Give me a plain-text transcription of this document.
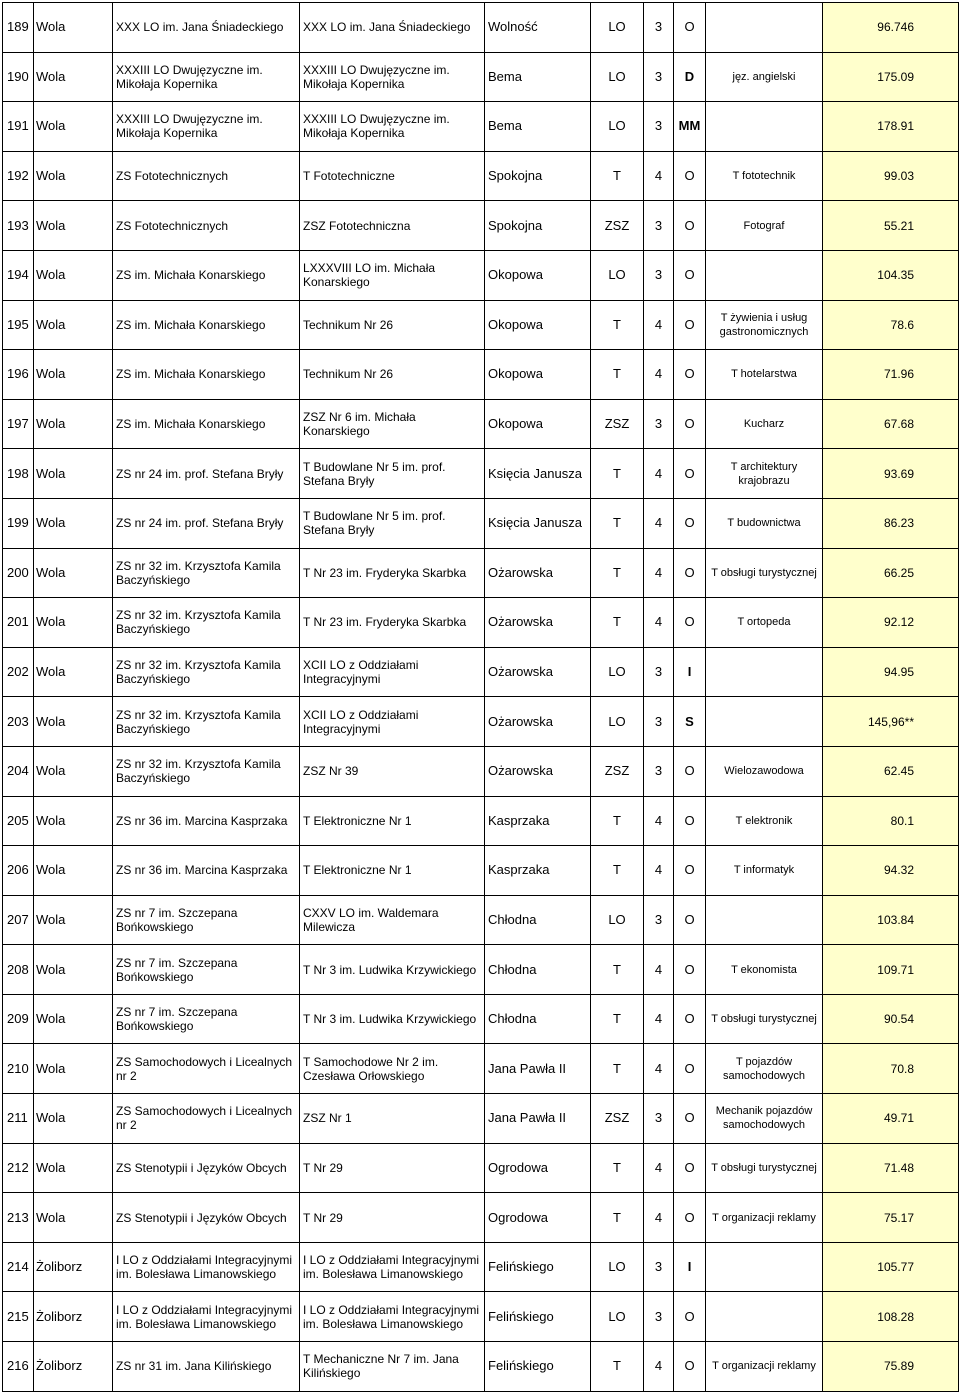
189	Wola	XXX LO im. Jana Śniadeckiego	XXX LO im. Jana Śniadeckiego	Wolność	LO	3	O		96.746
190	Wola	XXXIII LO Dwujęzyczne im. Mikołaja Kopernika	XXXIII LO Dwujęzyczne im. Mikołaja Kopernika	Bema	LO	3	D	jęz. angielski	175.09
191	Wola	XXXIII LO Dwujęzyczne im. Mikołaja Kopernika	XXXIII LO Dwujęzyczne im. Mikołaja Kopernika	Bema	LO	3	MM		178.91
192	Wola	ZS Fototechnicznych	T Fototechniczne	Spokojna	T	4	O	T fototechnik	99.03
193	Wola	ZS Fototechnicznych	ZSZ Fototechniczna	Spokojna	ZSZ	3	O	Fotograf	55.21
194	Wola	ZS im. Michała Konarskiego	LXXXVIII LO im. Michała Konarskiego	Okopowa	LO	3	O		104.35
195	Wola	ZS im. Michała Konarskiego	Technikum Nr 26	Okopowa	T	4	O	T żywienia i usług gastronomicznych	78.6
196	Wola	ZS im. Michała Konarskiego	Technikum Nr 26	Okopowa	T	4	O	T hotelarstwa	71.96
197	Wola	ZS im. Michała Konarskiego	ZSZ Nr 6 im. Michała Konarskiego	Okopowa	ZSZ	3	O	Kucharz	67.68
198	Wola	ZS nr 24 im. prof. Stefana Bryły	T Budowlane Nr 5 im. prof. Stefana Bryły	Księcia Janusza	T	4	O	T architektury krajobrazu	93.69
199	Wola	ZS nr 24 im. prof. Stefana Bryły	T Budowlane Nr 5 im. prof. Stefana Bryły	Księcia Janusza	T	4	O	T budownictwa	86.23
200	Wola	ZS nr 32 im. Krzysztofa Kamila Baczyńskiego	T Nr 23 im. Fryderyka Skarbka	Ożarowska	T	4	O	T obsługi turystycznej	66.25
201	Wola	ZS nr 32 im. Krzysztofa Kamila Baczyńskiego	T Nr 23 im. Fryderyka Skarbka	Ożarowska	T	4	O	T ortopeda	92.12
202	Wola	ZS nr 32 im. Krzysztofa Kamila Baczyńskiego	XCII LO z Oddziałami Integracyjnymi	Ożarowska	LO	3	I		94.95
203	Wola	ZS nr 32 im. Krzysztofa Kamila Baczyńskiego	XCII LO z Oddziałami Integracyjnymi	Ożarowska	LO	3	S		145,96**
204	Wola	ZS nr 32 im. Krzysztofa Kamila Baczyńskiego	ZSZ Nr 39	Ożarowska	ZSZ	3	O	Wielozawodowa	62.45
205	Wola	ZS nr 36 im. Marcina Kasprzaka	T Elektroniczne Nr 1	Kasprzaka	T	4	O	T elektronik	80.1
206	Wola	ZS nr 36 im. Marcina Kasprzaka	T Elektroniczne Nr 1	Kasprzaka	T	4	O	T informatyk	94.32
207	Wola	ZS nr 7 im. Szczepana Bońkowskiego	CXXV LO im. Waldemara Milewicza	Chłodna	LO	3	O		103.84
208	Wola	ZS nr 7 im. Szczepana Bońkowskiego	T Nr 3 im. Ludwika Krzywickiego	Chłodna	T	4	O	T ekonomista	109.71
209	Wola	ZS nr 7 im. Szczepana Bońkowskiego	T Nr 3 im. Ludwika Krzywickiego	Chłodna	T	4	O	T obsługi turystycznej	90.54
210	Wola	ZS Samochodowych i Licealnych nr 2	T Samochodowe Nr 2 im. Czesława Orłowskiego	Jana Pawła II	T	4	O	T pojazdów samochodowych	70.8
211	Wola	ZS Samochodowych i Licealnych nr 2	ZSZ Nr 1	Jana Pawła II	ZSZ	3	O	Mechanik pojazdów samochodowych	49.71
212	Wola	ZS Stenotypii i Języków Obcych	T Nr 29	Ogrodowa	T	4	O	T obsługi turystycznej	71.48
213	Wola	ZS Stenotypii i Języków Obcych	T Nr 29	Ogrodowa	T	4	O	T organizacji reklamy	75.17
214	Żoliborz	I LO z Oddziałami Integracyjnymi im. Bolesława Limanowskiego	I LO z Oddziałami Integracyjnymi im. Bolesława Limanowskiego	Felińskiego	LO	3	I		105.77
215	Żoliborz	I LO z Oddziałami Integracyjnymi im. Bolesława Limanowskiego	I LO z Oddziałami Integracyjnymi im. Bolesława Limanowskiego	Felińskiego	LO	3	O		108.28
216	Żoliborz	ZS nr 31 im. Jana Kilińskiego	T Mechaniczne Nr 7 im. Jana Kilińskiego	Felińskiego	T	4	O	T organizacji reklamy	75.89
